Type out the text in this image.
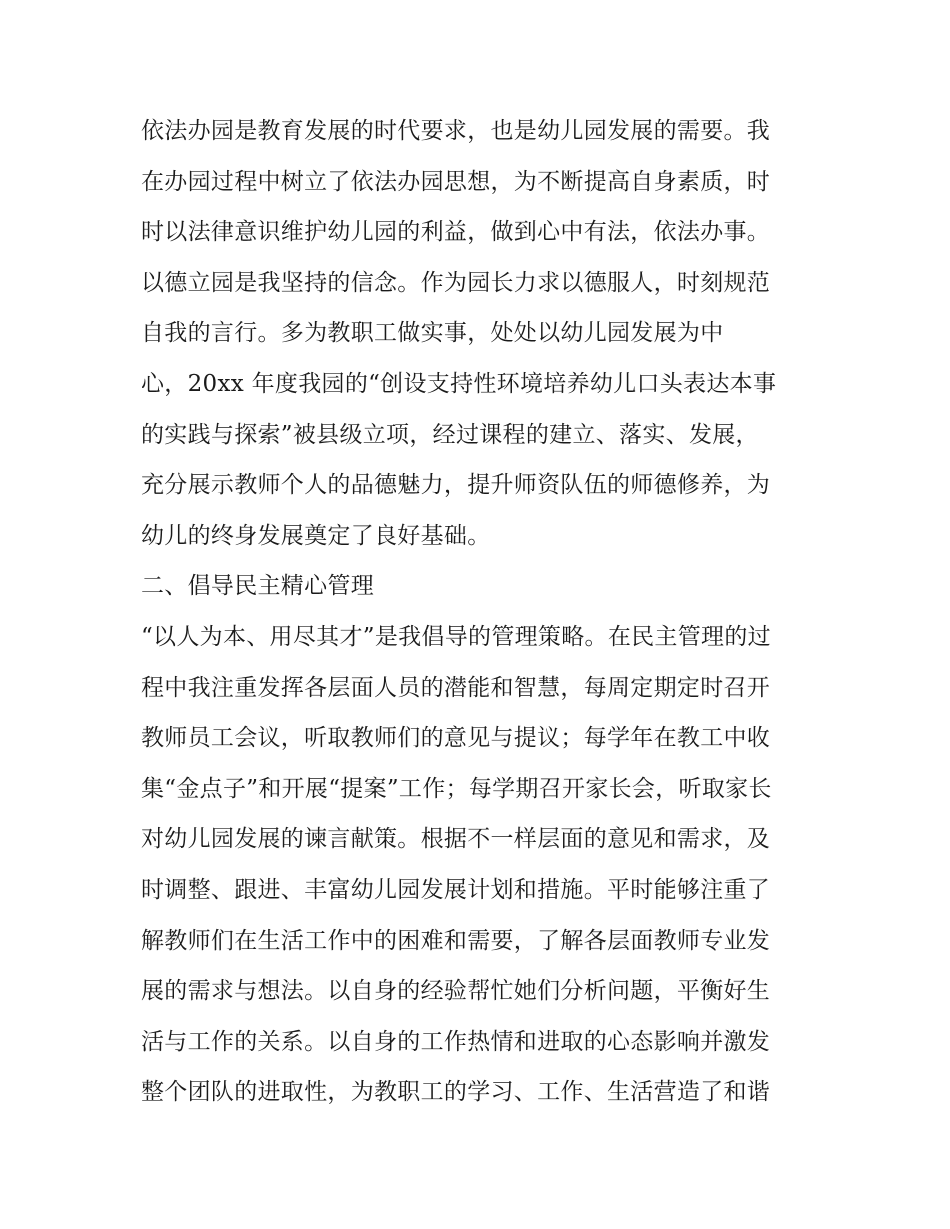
依法办园是教育发展的时代要求，也是幼儿园发展的需要。我
在办园过程中树立了依法办园思想，为不断提高自身素质，时
时以法律意识维护幼儿园的利益，做到心中有法，依法办事。
以德立园是我坚持的信念。作为园长力求以德服人，时刻规范
自我的言行。多为教职工做实事，处处以幼儿园发展为中
心，20xx 年度我园的“创设支持性环境培养幼儿口头表达本事
的实践与探索”被县级立项，经过课程的建立、落实、发展，
充分展示教师个人的品德魅力，提升师资队伍的师德修养，为
幼儿的终身发展奠定了良好基础。
二、倡导民主精心管理
“以人为本、用尽其才”是我倡导的管理策略。在民主管理的过
程中我注重发挥各层面人员的潜能和智慧，每周定期定时召开
教师员工会议，听取教师们的意见与提议；每学年在教工中收
集“金点子”和开展“提案”工作；每学期召开家长会，听取家长
对幼儿园发展的谏言献策。根据不一样层面的意见和需求，及
时调整、跟进、丰富幼儿园发展计划和措施。平时能够注重了
解教师们在生活工作中的困难和需要，了解各层面教师专业发
展的需求与想法。以自身的经验帮忙她们分析问题，平衡好生
活与工作的关系。以自身的工作热情和进取的心态影响并激发
整个团队的进取性，为教职工的学习、工作、生活营造了和谐
